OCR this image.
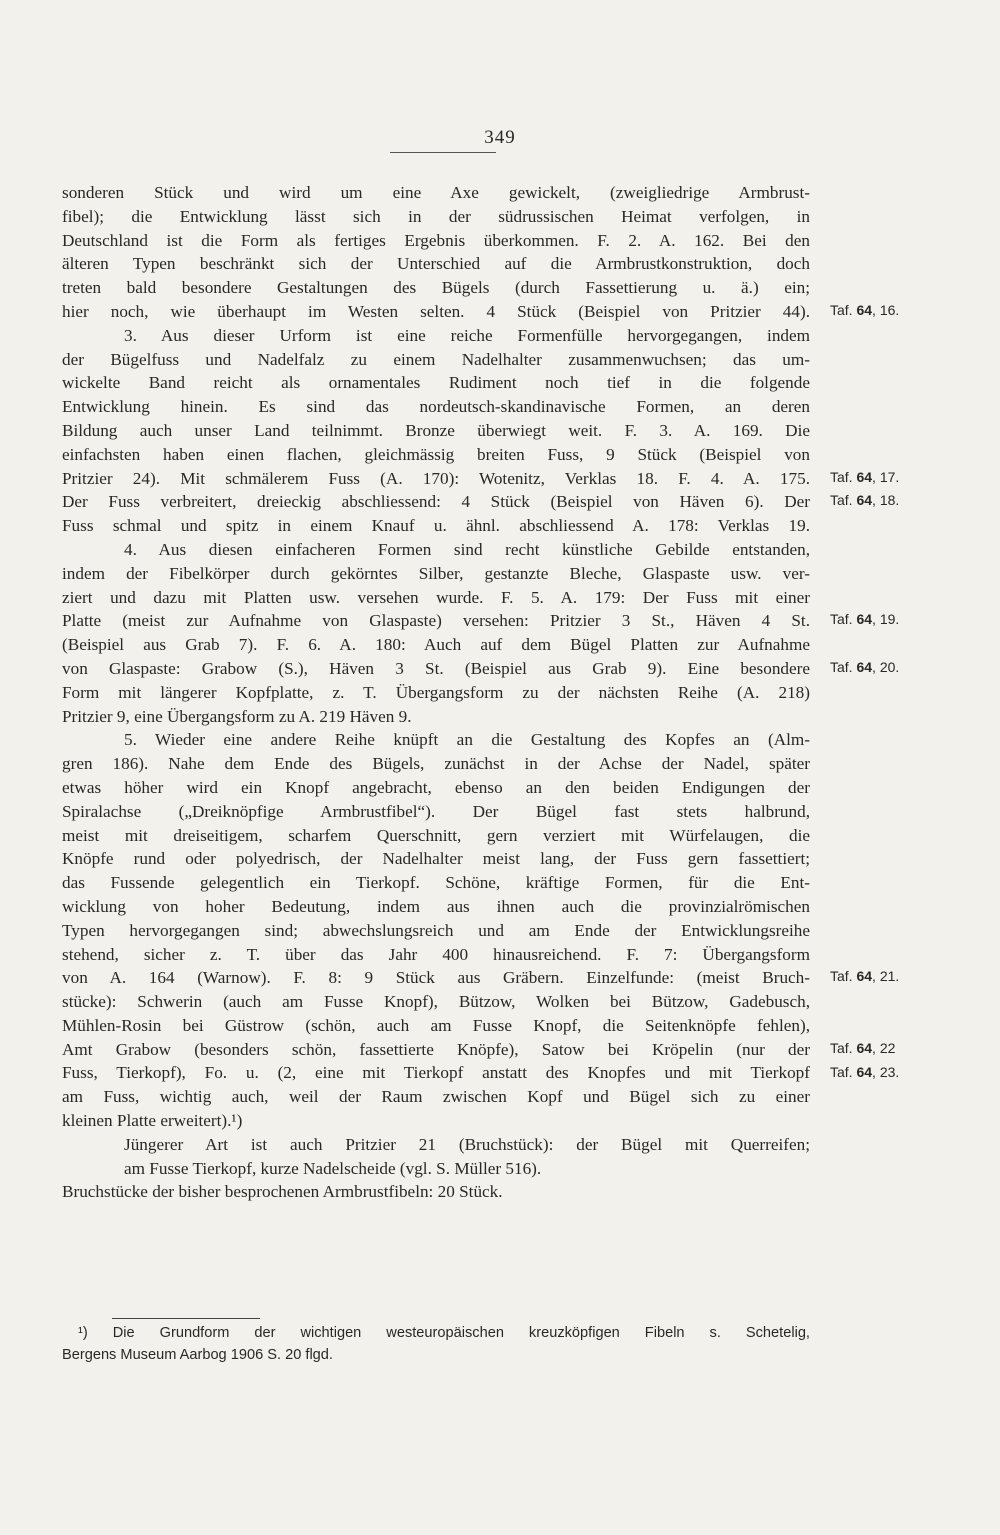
349
sonderen Stück und wird um eine Axe gewickelt, (zweigliedrige Armbrust-
fibel); die Entwicklung lässt sich in der südrussischen Heimat verfolgen, in
Deutschland ist die Form als fertiges Ergebnis überkommen. F. 2. A. 162. Bei den
älteren Typen beschränkt sich der Unterschied auf die Armbrustkonstruktion, doch
treten bald besondere Gestaltungen des Bügels (durch Fassettierung u. ä.) ein;
hier noch, wie überhaupt im Westen selten. 4 Stück (Beispiel von Pritzier 44).
3. Aus dieser Urform ist eine reiche Formenfülle hervorgegangen, indem
der Bügelfuss und Nadelfalz zu einem Nadelhalter zusammenwuchsen; das um-
wickelte Band reicht als ornamentales Rudiment noch tief in die folgende
Entwicklung hinein. Es sind das nordeutsch-skandinavische Formen, an deren
Bildung auch unser Land teilnimmt. Bronze überwiegt weit. F. 3. A. 169. Die
einfachsten haben einen flachen, gleichmässig breiten Fuss, 9 Stück (Beispiel von
Pritzier 24). Mit schmälerem Fuss (A. 170): Wotenitz, Verklas 18. F. 4. A. 175.
Der Fuss verbreitert, dreieckig abschliessend: 4 Stück (Beispiel von Häven 6). Der
Fuss schmal und spitz in einem Knauf u. ähnl. abschliessend A. 178: Verklas 19.
4. Aus diesen einfacheren Formen sind recht künstliche Gebilde entstanden,
indem der Fibelkörper durch gekörntes Silber, gestanzte Bleche, Glaspaste usw. ver-
ziert und dazu mit Platten usw. versehen wurde. F. 5. A. 179: Der Fuss mit einer
Platte (meist zur Aufnahme von Glaspaste) versehen: Pritzier 3 St., Häven 4 St.
(Beispiel aus Grab 7). F. 6. A. 180: Auch auf dem Bügel Platten zur Aufnahme
von Glaspaste: Grabow (S.), Häven 3 St. (Beispiel aus Grab 9). Eine besondere
Form mit längerer Kopfplatte, z. T. Übergangsform zu der nächsten Reihe (A. 218)
Pritzier 9, eine Übergangsform zu A. 219 Häven 9.
5. Wieder eine andere Reihe knüpft an die Gestaltung des Kopfes an (Alm-
gren 186). Nahe dem Ende des Bügels, zunächst in der Achse der Nadel, später
etwas höher wird ein Knopf angebracht, ebenso an den beiden Endigungen der
Spiralachse („Dreiknöpfige Armbrustfibel“). Der Bügel fast stets halbrund,
meist mit dreiseitigem, scharfem Querschnitt, gern verziert mit Würfelaugen, die
Knöpfe rund oder polyedrisch, der Nadelhalter meist lang, der Fuss gern fassettiert;
das Fussende gelegentlich ein Tierkopf. Schöne, kräftige Formen, für die Ent-
wicklung von hoher Bedeutung, indem aus ihnen auch die provinzialrömischen
Typen hervorgegangen sind; abwechslungsreich und am Ende der Entwicklungsreihe
stehend, sicher z. T. über das Jahr 400 hinausreichend. F. 7: Übergangsform
von A. 164 (Warnow). F. 8: 9 Stück aus Gräbern. Einzelfunde: (meist Bruch-
stücke): Schwerin (auch am Fusse Knopf), Bützow, Wolken bei Bützow, Gadebusch,
Mühlen-Rosin bei Güstrow (schön, auch am Fusse Knopf, die Seitenknöpfe fehlen),
Amt Grabow (besonders schön, fassettierte Knöpfe), Satow bei Kröpelin (nur der
Fuss, Tierkopf), Fo. u. (2, eine mit Tierkopf anstatt des Knopfes und mit Tierkopf
am Fuss, wichtig auch, weil der Raum zwischen Kopf und Bügel sich zu einer
kleinen Platte erweitert).¹)
Jüngerer Art ist auch Pritzier 21 (Bruchstück): der Bügel mit Querreifen;
am Fusse Tierkopf, kurze Nadelscheide (vgl. S. Müller 516).
Bruchstücke der bisher besprochenen Armbrustfibeln: 20 Stück.
Taf. 64, 16.
Taf. 64, 17.
Taf. 64, 18.
Taf. 64, 19.
Taf. 64, 20.
Taf. 64, 21.
Taf. 64, 22
Taf. 64, 23.
¹) Die Grundform der wichtigen westeuropäischen kreuzköpfigen Fibeln s. Schetelig,
Bergens Museum Aarbog 1906 S. 20 flgd.
